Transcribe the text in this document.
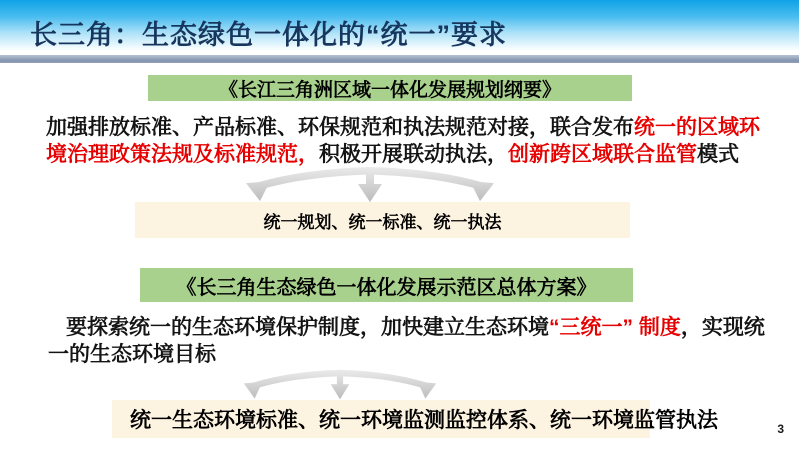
长三角：生态绿色一体化的“统一”要求
《长江三角洲区域一体化发展规划纲要》
加强排放标准、产品标准、环保规范和执法规范对接，联合发布统一的区域环境治理政策法规及标准规范，积极开展联动执法，创新跨区域联合监管模式
统一规划、统一标准、统一执法
《长三角生态绿色一体化发展示范区总体方案》
要探索统一的生态环境保护制度，加快建立生态环境“三统一” 制度，实现统一的生态环境目标
统一生态环境标准、统一环境监测监控体系、统一环境监管执法	3
